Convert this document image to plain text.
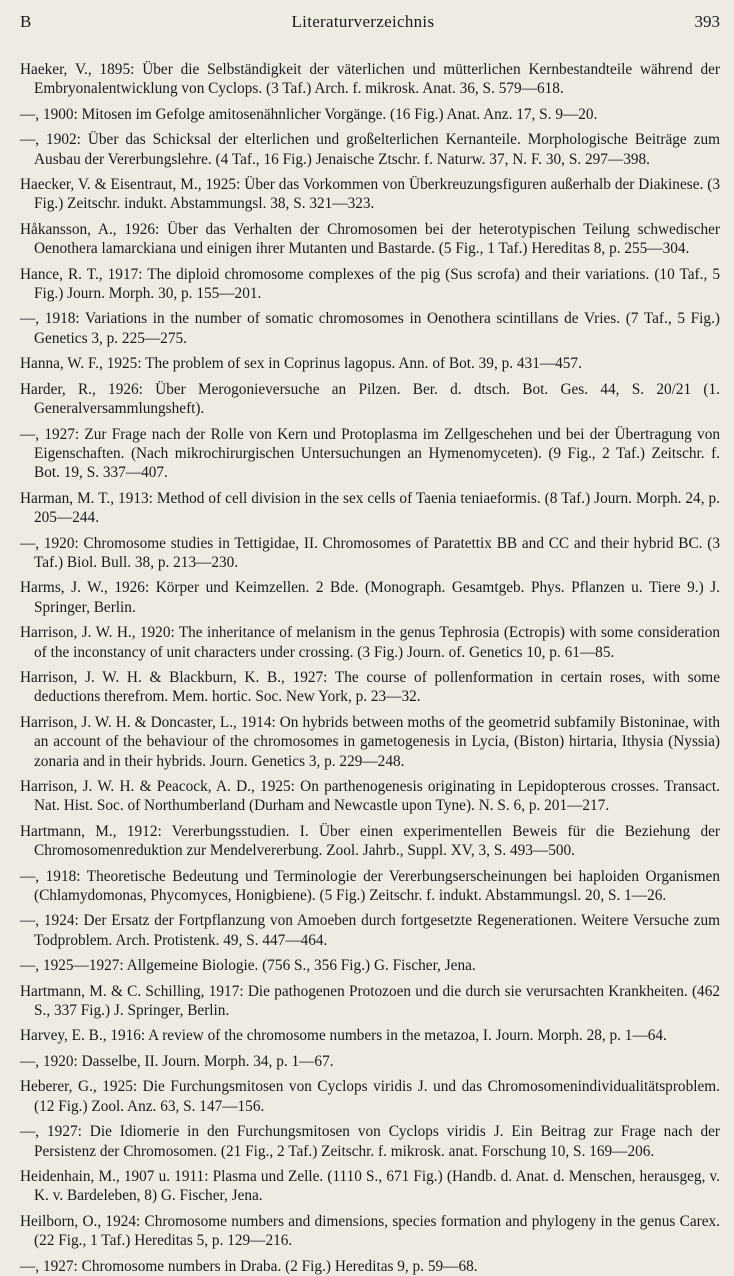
B	Literaturverzeichnis	393

Haeker, V., 1895: Über die Selbständigkeit der väterlichen und mütterlichen Kernbestandteile während der Embryonalentwicklung von Cyclops. (3 Taf.) Arch. f. mikrosk. Anat. 36, S. 579—618.

—, 1900: Mitosen im Gefolge amitosenähnlicher Vorgänge. (16 Fig.) Anat. Anz. 17, S. 9—20.

—, 1902: Über das Schicksal der elterlichen und großelterlichen Kernanteile. Morphologische Beiträge zum Ausbau der Vererbungslehre. (4 Taf., 16 Fig.) Jenaische Ztschr. f. Naturw. 37, N. F. 30, S. 297—398.

Haecker, V. & Eisentraut, M., 1925: Über das Vorkommen von Überkreuzungsfiguren außerhalb der Diakinese. (3 Fig.) Zeitschr. indukt. Abstammungsl. 38, S. 321—323.

Håkansson, A., 1926: Über das Verhalten der Chromosomen bei der heterotypischen Teilung schwedischer Oenothera lamarckiana und einigen ihrer Mutanten und Bastarde. (5 Fig., 1 Taf.) Hereditas 8, p. 255—304.

Hance, R. T., 1917: The diploid chromosome complexes of the pig (Sus scrofa) and their variations. (10 Taf., 5 Fig.) Journ. Morph. 30, p. 155—201.

—, 1918: Variations in the number of somatic chromosomes in Oenothera scintillans de Vries. (7 Taf., 5 Fig.) Genetics 3, p. 225—275.

Hanna, W. F., 1925: The problem of sex in Coprinus lagopus. Ann. of Bot. 39, p. 431—457.

Harder, R., 1926: Über Merogonieversuche an Pilzen. Ber. d. dtsch. Bot. Ges. 44, S. 20/21 (1. Generalversammlungsheft).

—, 1927: Zur Frage nach der Rolle von Kern und Protoplasma im Zellgeschehen und bei der Übertragung von Eigenschaften. (Nach mikrochirurgischen Untersuchungen an Hymenomyceten). (9 Fig., 2 Taf.) Zeitschr. f. Bot. 19, S. 337—407.

Harman, M. T., 1913: Method of cell division in the sex cells of Taenia teniaeformis. (8 Taf.) Journ. Morph. 24, p. 205—244.

—, 1920: Chromosome studies in Tettigidae, II. Chromosomes of Paratettix BB and CC and their hybrid BC. (3 Taf.) Biol. Bull. 38, p. 213—230.

Harms, J. W., 1926: Körper und Keimzellen. 2 Bde. (Monograph. Gesamtgeb. Phys. Pflanzen u. Tiere 9.) J. Springer, Berlin.

Harrison, J. W. H., 1920: The inheritance of melanism in the genus Tephrosia (Ectropis) with some consideration of the inconstancy of unit characters under crossing. (3 Fig.) Journ. of. Genetics 10, p. 61—85.

Harrison, J. W. H. & Blackburn, K. B., 1927: The course of pollenformation in certain roses, with some deductions therefrom. Mem. hortic. Soc. New York, p. 23—32.

Harrison, J. W. H. & Doncaster, L., 1914: On hybrids between moths of the geometrid subfamily Bistoninae, with an account of the behaviour of the chromosomes in gametogenesis in Lycia, (Biston) hirtaria, Ithysia (Nyssia) zonaria and in their hybrids. Journ. Genetics 3, p. 229—248.

Harrison, J. W. H. & Peacock, A. D., 1925: On parthenogenesis originating in Lepidopterous crosses. Transact. Nat. Hist. Soc. of Northumberland (Durham and Newcastle upon Tyne). N. S. 6, p. 201—217.

Hartmann, M., 1912: Vererbungsstudien. I. Über einen experimentellen Beweis für die Beziehung der Chromosomenreduktion zur Mendelvererbung. Zool. Jahrb., Suppl. XV, 3, S. 493—500.

—, 1918: Theoretische Bedeutung und Terminologie der Vererbungserscheinungen bei haploiden Organismen (Chlamydomonas, Phycomyces, Honigbiene). (5 Fig.) Zeitschr. f. indukt. Abstammungsl. 20, S. 1—26.

—, 1924: Der Ersatz der Fortpflanzung von Amoeben durch fortgesetzte Regenerationen. Weitere Versuche zum Todproblem. Arch. Protistenk. 49, S. 447—464.

—, 1925—1927: Allgemeine Biologie. (756 S., 356 Fig.) G. Fischer, Jena.

Hartmann, M. & C. Schilling, 1917: Die pathogenen Protozoen und die durch sie verursachten Krankheiten. (462 S., 337 Fig.) J. Springer, Berlin.

Harvey, E. B., 1916: A review of the chromosome numbers in the metazoa, I. Journ. Morph. 28, p. 1—64.

—, 1920: Dasselbe, II. Journ. Morph. 34, p. 1—67.

Heberer, G., 1925: Die Furchungsmitosen von Cyclops viridis J. und das Chromosomenindividualitätsproblem. (12 Fig.) Zool. Anz. 63, S. 147—156.

—, 1927: Die Idiomerie in den Furchungsmitosen von Cyclops viridis J. Ein Beitrag zur Frage nach der Persistenz der Chromosomen. (21 Fig., 2 Taf.) Zeitschr. f. mikrosk. anat. Forschung 10, S. 169—206.

Heidenhain, M., 1907 u. 1911: Plasma und Zelle. (1110 S., 671 Fig.) (Handb. d. Anat. d. Menschen, herausgeg, v. K. v. Bardeleben, 8) G. Fischer, Jena.

Heilborn, O., 1924: Chromosome numbers and dimensions, species formation and phylogeny in the genus Carex. (22 Fig., 1 Taf.) Hereditas 5, p. 129—216.

—, 1927: Chromosome numbers in Draba. (2 Fig.) Hereditas 9, p. 59—68.
